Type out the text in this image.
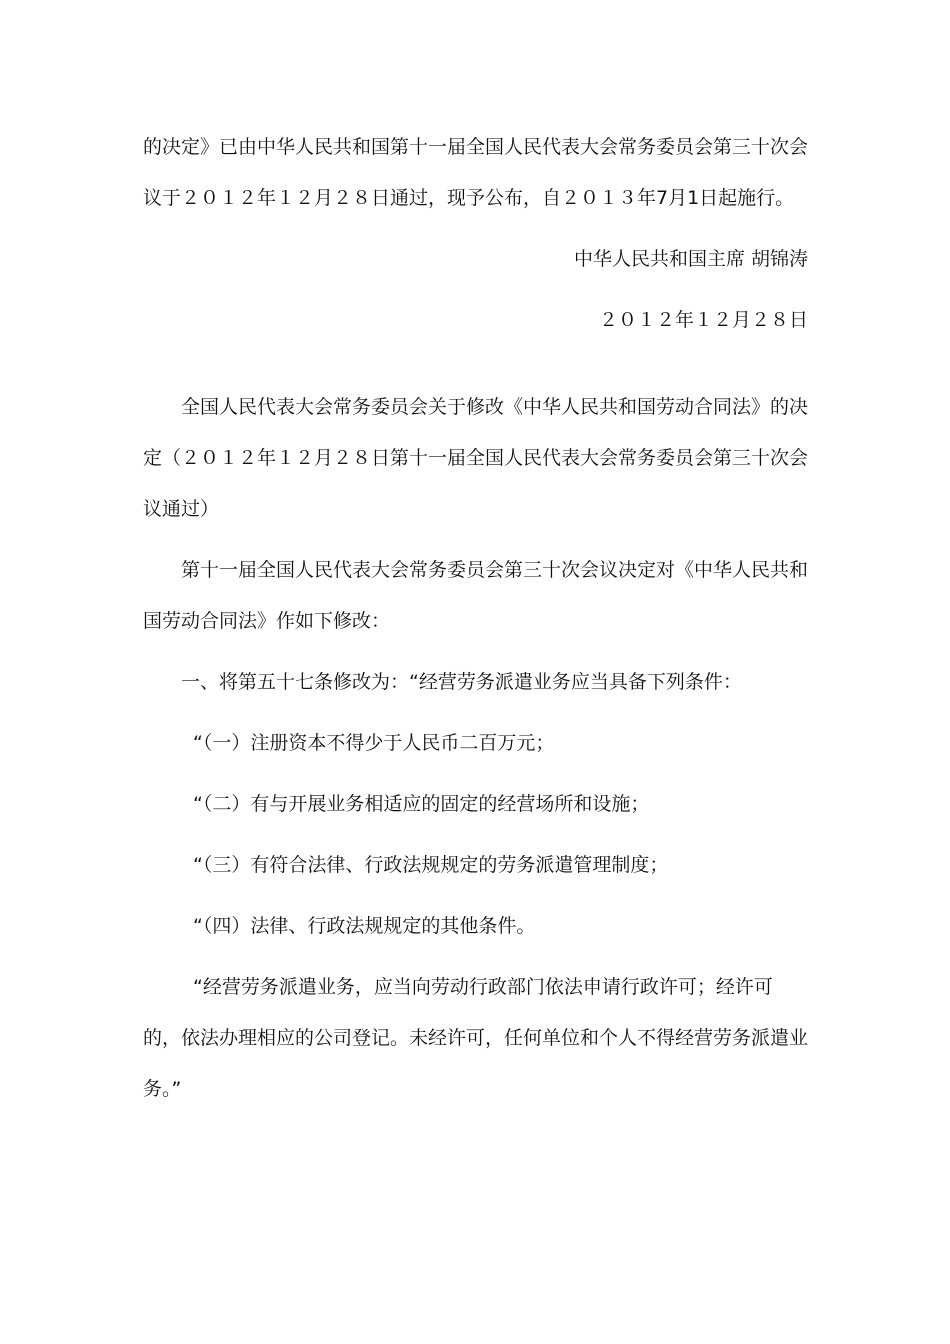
的决定》已由中华人民共和国第十一届全国人民代表大会常务委员会第三十次会议于２０１２年１２月２８日通过，现予公布，自２０１３年7月1日起施行。

中华人民共和国主席 胡锦涛

２０１２年１２月２８日

全国人民代表大会常务委员会关于修改《中华人民共和国劳动合同法》的决定（２０１２年１２月２８日第十一届全国人民代表大会常务委员会第三十次会议通过）

第十一届全国人民代表大会常务委员会第三十次会议决定对《中华人民共和国劳动合同法》作如下修改：

一、将第五十七条修改为：“经营劳务派遣业务应当具备下列条件：

“（一）注册资本不得少于人民币二百万元；

“（二）有与开展业务相适应的固定的经营场所和设施；

“（三）有符合法律、行政法规规定的劳务派遣管理制度；

“（四）法律、行政法规规定的其他条件。

“经营劳务派遣业务，应当向劳动行政部门依法申请行政许可；经许可的，依法办理相应的公司登记。未经许可，任何单位和个人不得经营劳务派遣业务。”
